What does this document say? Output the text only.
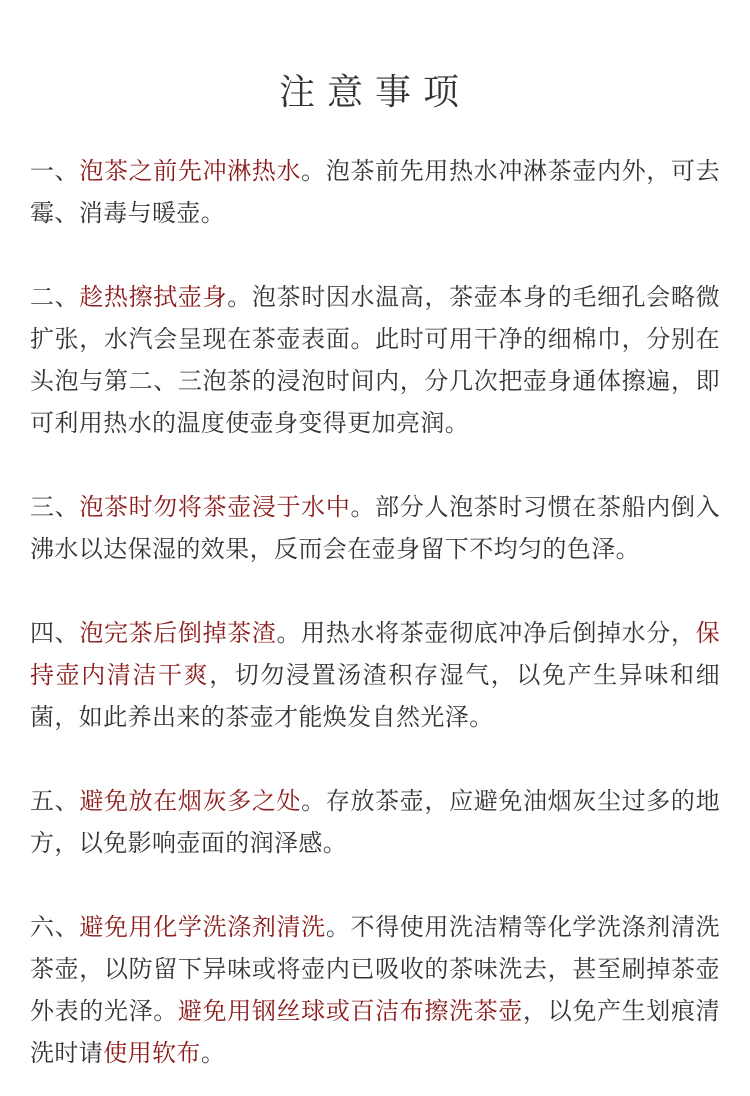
注意事项

一、泡茶之前先冲淋热水。泡茶前先用热水冲淋茶壶内外，可去霉、消毒与暖壶。

二、趁热擦拭壶身。泡茶时因水温高，茶壶本身的毛细孔会略微扩张，水汽会呈现在茶壶表面。此时可用干净的细棉巾，分别在头泡与第二、三泡茶的浸泡时间内，分几次把壶身通体擦遍，即可利用热水的温度使壶身变得更加亮润。

三、泡茶时勿将茶壶浸于水中。部分人泡茶时习惯在茶船内倒入沸水以达保湿的效果，反而会在壶身留下不均匀的色泽。

四、泡完茶后倒掉茶渣。用热水将茶壶彻底冲净后倒掉水分，保持壶内清洁干爽，切勿浸置汤渣积存湿气，以免产生异味和细菌，如此养出来的茶壶才能焕发自然光泽。

五、避免放在烟灰多之处。存放茶壶，应避免油烟灰尘过多的地方，以免影响壶面的润泽感。

六、避免用化学洗涤剂清洗。不得使用洗洁精等化学洗涤剂清洗茶壶，以防留下异味或将壶内已吸收的茶味洗去，甚至刷掉茶壶外表的光泽。避免用钢丝球或百洁布擦洗茶壶，以免产生划痕清洗时请使用软布。
